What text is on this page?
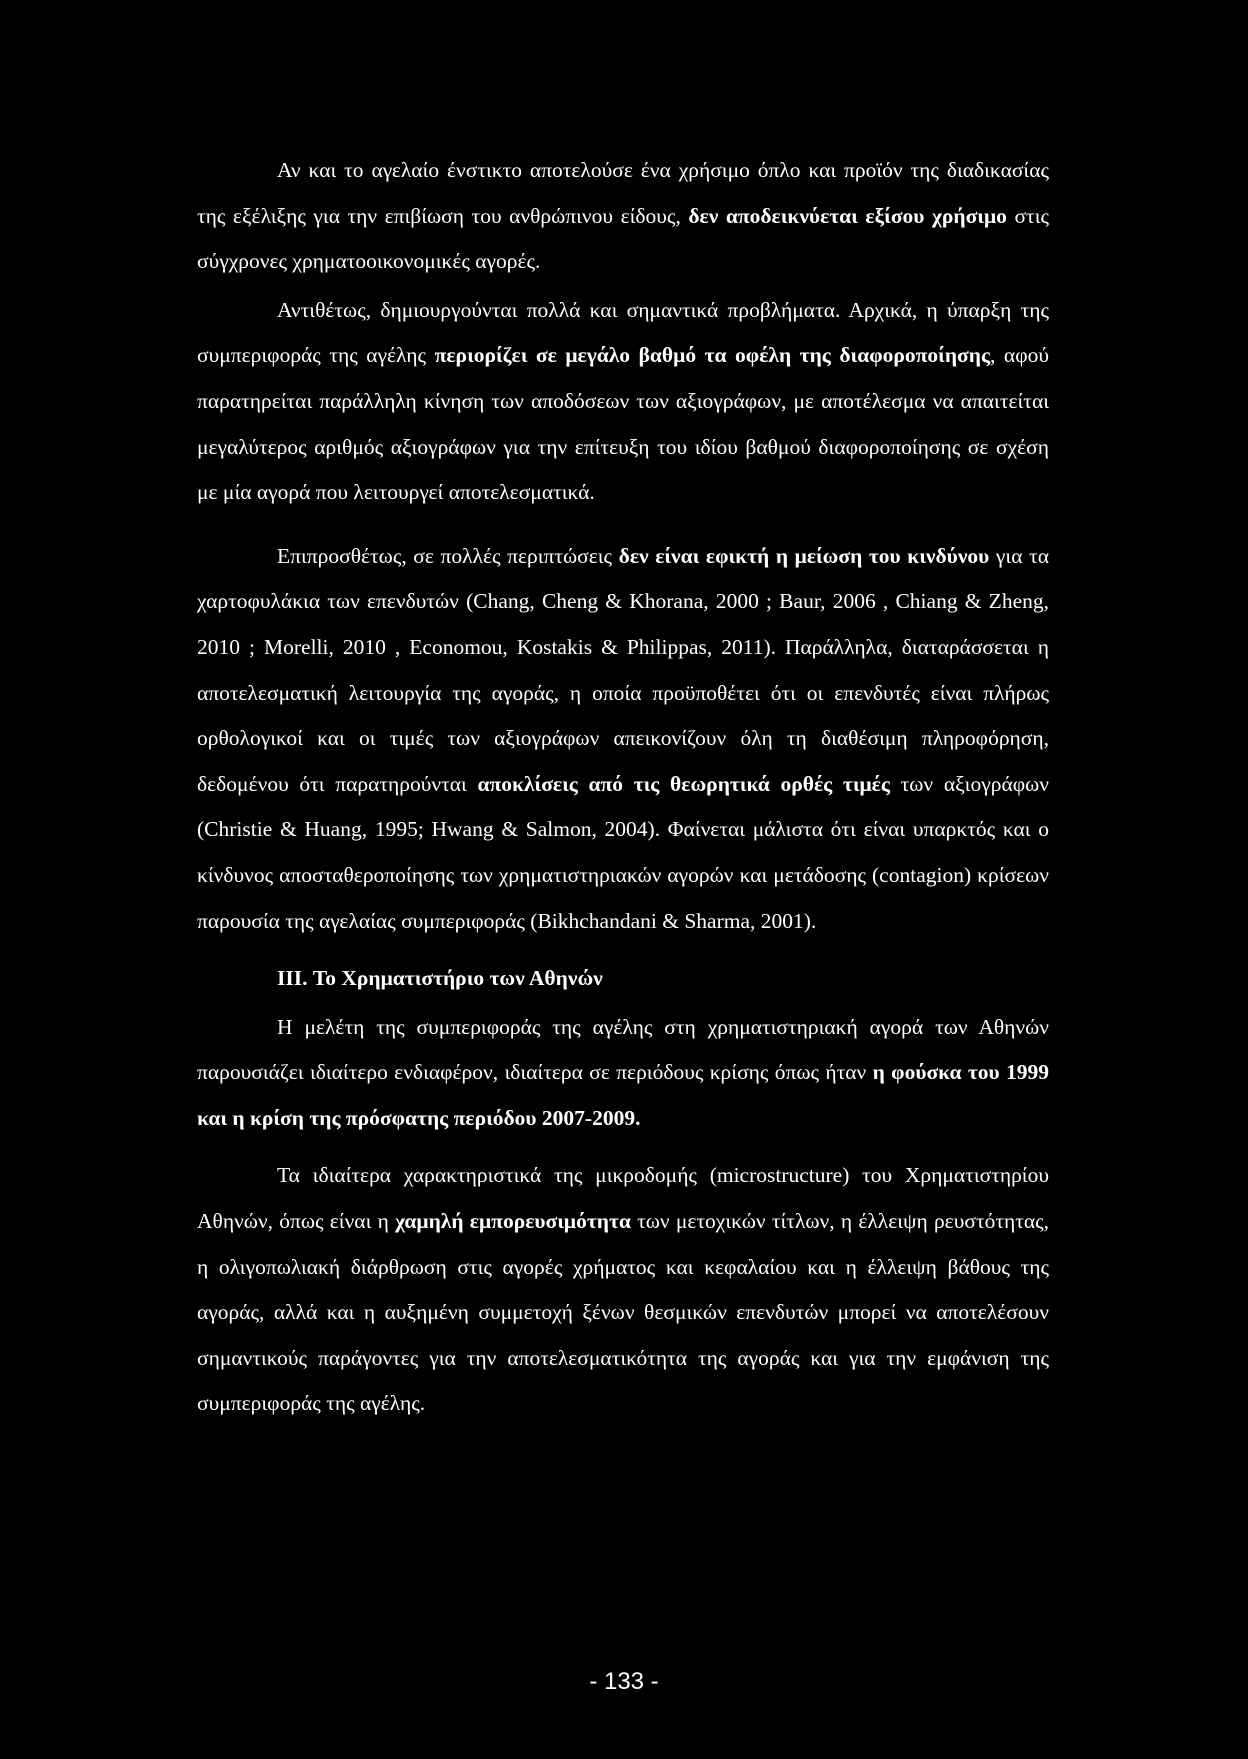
Αν και το αγελαίο ένστικτο αποτελούσε ένα χρήσιμο όπλο και προϊόν της διαδικασίας της εξέλιξης για την επιβίωση του ανθρώπινου είδους, δεν αποδεικνύεται εξίσου χρήσιμο στις σύγχρονες χρηματοοικονομικές αγορές.

Αντιθέτως, δημιουργούνται πολλά και σημαντικά προβλήματα. Αρχικά, η ύπαρξη της συμπεριφοράς της αγέλης περιορίζει σε μεγάλο βαθμό τα οφέλη της διαφοροποίησης, αφού παρατηρείται παράλληλη κίνηση των αποδόσεων των αξιογράφων, με αποτέλεσμα να απαιτείται μεγαλύτερος αριθμός αξιογράφων για την επίτευξη του ιδίου βαθμού διαφοροποίησης σε σχέση με μία αγορά που λειτουργεί αποτελεσματικά.

Επιπροσθέτως, σε πολλές περιπτώσεις δεν είναι εφικτή η μείωση του κινδύνου για τα χαρτοφυλάκια των επενδυτών (Chang, Cheng & Khorana, 2000 ; Baur, 2006 , Chiang & Zheng, 2010 ; Morelli, 2010 , Economou, Kostakis & Philippas, 2011). Παράλληλα, διαταράσσεται η αποτελεσματική λειτουργία της αγοράς, η οποία προϋποθέτει ότι οι επενδυτές είναι πλήρως ορθολογικοί και οι τιμές των αξιογράφων απεικονίζουν όλη τη διαθέσιμη πληροφόρηση, δεδομένου ότι παρατηρούνται αποκλίσεις από τις θεωρητικά ορθές τιμές των αξιογράφων (Christie & Huang, 1995; Hwang & Salmon, 2004). Φαίνεται μάλιστα ότι είναι υπαρκτός και ο κίνδυνος αποσταθεροποίησης των χρηματιστηριακών αγορών και μετάδοσης (contagion) κρίσεων παρουσία της αγελαίας συμπεριφοράς (Bikhchandani & Sharma, 2001).

III. Το Χρηματιστήριο των Αθηνών

Η μελέτη της συμπεριφοράς της αγέλης στη χρηματιστηριακή αγορά των Αθηνών παρουσιάζει ιδιαίτερο ενδιαφέρον, ιδιαίτερα σε περιόδους κρίσης όπως ήταν η φούσκα του 1999 και η κρίση της πρόσφατης περιόδου 2007-2009.

Τα ιδιαίτερα χαρακτηριστικά της μικροδομής (microstructure) του Χρηματιστηρίου Αθηνών, όπως είναι η χαμηλή εμπορευσιμότητα των μετοχικών τίτλων, η έλλειψη ρευστότητας, η ολιγοπωλιακή διάρθρωση στις αγορές χρήματος και κεφαλαίου και η έλλειψη βάθους της αγοράς, αλλά και η αυξημένη συμμετοχή ξένων θεσμικών επενδυτών μπορεί να αποτελέσουν σημαντικούς παράγοντες για την αποτελεσματικότητα της αγοράς και για την εμφάνιση της συμπεριφοράς της αγέλης.

- 133 -
